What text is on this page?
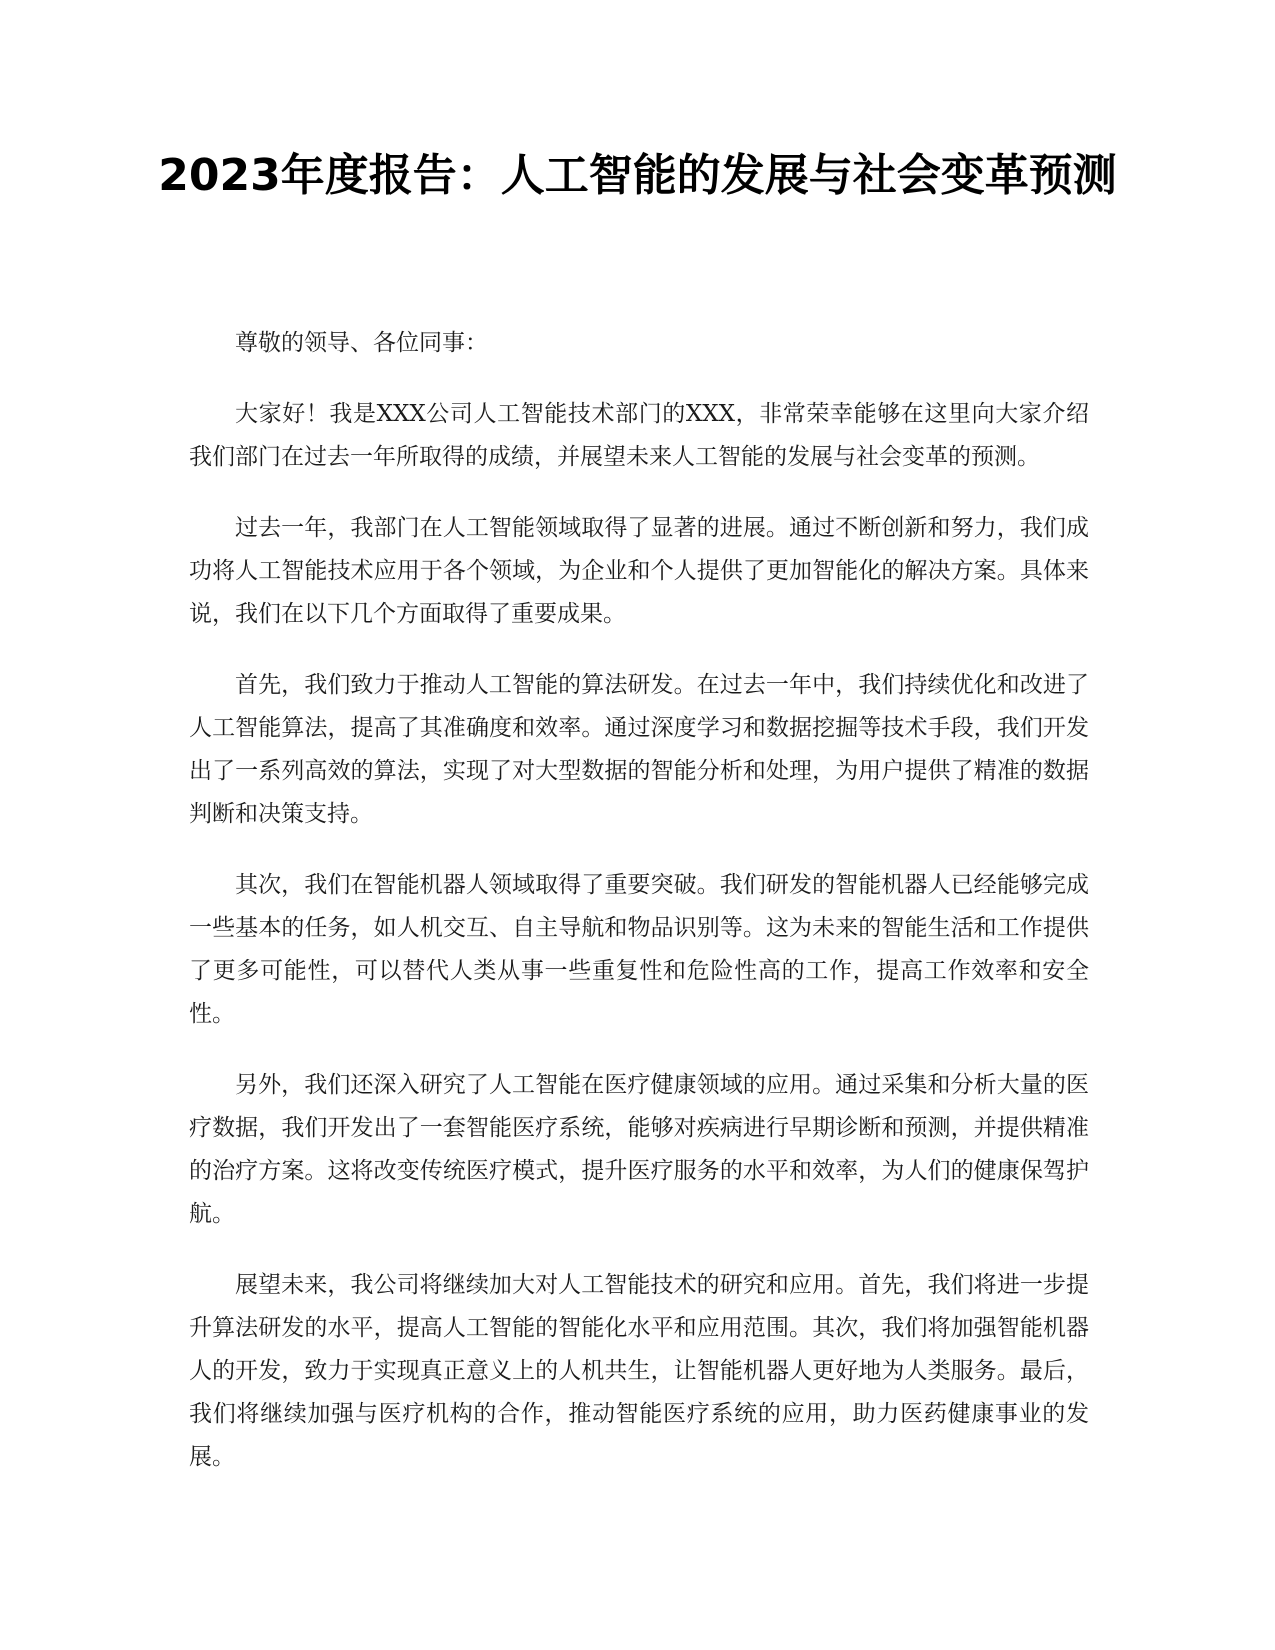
2023年度报告：人工智能的发展与社会变革预测

尊敬的领导、各位同事：

大家好！我是XXX公司人工智能技术部门的XXX，非常荣幸能够在这里向大家介绍我们部门在过去一年所取得的成绩，并展望未来人工智能的发展与社会变革的预测。

过去一年，我部门在人工智能领域取得了显著的进展。通过不断创新和努力，我们成功将人工智能技术应用于各个领域，为企业和个人提供了更加智能化的解决方案。具体来说，我们在以下几个方面取得了重要成果。

首先，我们致力于推动人工智能的算法研发。在过去一年中，我们持续优化和改进了人工智能算法，提高了其准确度和效率。通过深度学习和数据挖掘等技术手段，我们开发出了一系列高效的算法，实现了对大型数据的智能分析和处理，为用户提供了精准的数据判断和决策支持。

其次，我们在智能机器人领域取得了重要突破。我们研发的智能机器人已经能够完成一些基本的任务，如人机交互、自主导航和物品识别等。这为未来的智能生活和工作提供了更多可能性，可以替代人类从事一些重复性和危险性高的工作，提高工作效率和安全性。

另外，我们还深入研究了人工智能在医疗健康领域的应用。通过采集和分析大量的医疗数据，我们开发出了一套智能医疗系统，能够对疾病进行早期诊断和预测，并提供精准的治疗方案。这将改变传统医疗模式，提升医疗服务的水平和效率，为人们的健康保驾护航。

展望未来，我公司将继续加大对人工智能技术的研究和应用。首先，我们将进一步提升算法研发的水平，提高人工智能的智能化水平和应用范围。其次，我们将加强智能机器人的开发，致力于实现真正意义上的人机共生，让智能机器人更好地为人类服务。最后，我们将继续加强与医疗机构的合作，推动智能医疗系统的应用，助力医药健康事业的发展。
